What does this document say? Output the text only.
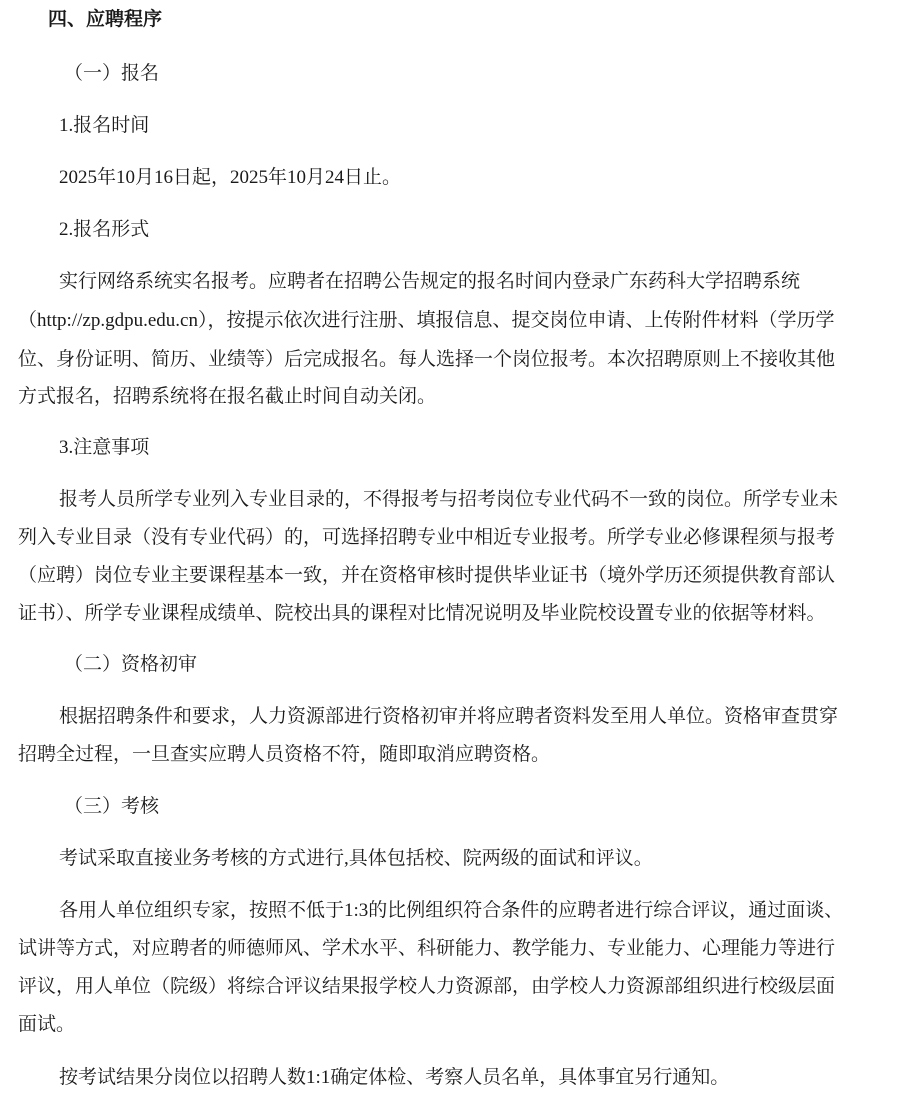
四、应聘程序
（一）报名
1.报名时间
2025年10月16日起，2025年10月24日止。
2.报名形式
实行网络系统实名报考。应聘者在招聘公告规定的报名时间内登录广东药科大学招聘系统
（http://zp.gdpu.edu.cn），按提示依次进行注册、填报信息、提交岗位申请、上传附件材料（学历学
位、身份证明、简历、业绩等）后完成报名。每人选择一个岗位报考。本次招聘原则上不接收其他
方式报名，招聘系统将在报名截止时间自动关闭。
3.注意事项
报考人员所学专业列入专业目录的，不得报考与招考岗位专业代码不一致的岗位。所学专业未
列入专业目录（没有专业代码）的，可选择招聘专业中相近专业报考。所学专业必修课程须与报考
（应聘）岗位专业主要课程基本一致，并在资格审核时提供毕业证书（境外学历还须提供教育部认
证书）、所学专业课程成绩单、院校出具的课程对比情况说明及毕业院校设置专业的依据等材料。
（二）资格初审
根据招聘条件和要求，人力资源部进行资格初审并将应聘者资料发至用人单位。资格审查贯穿
招聘全过程，一旦查实应聘人员资格不符，随即取消应聘资格。
（三）考核
考试采取直接业务考核的方式进行,具体包括校、院两级的面试和评议。
各用人单位组织专家，按照不低于1:3的比例组织符合条件的应聘者进行综合评议，通过面谈、
试讲等方式，对应聘者的师德师风、学术水平、科研能力、教学能力、专业能力、心理能力等进行
评议，用人单位（院级）将综合评议结果报学校人力资源部，由学校人力资源部组织进行校级层面
面试。
按考试结果分岗位以招聘人数1:1确定体检、考察人员名单，具体事宜另行通知。
